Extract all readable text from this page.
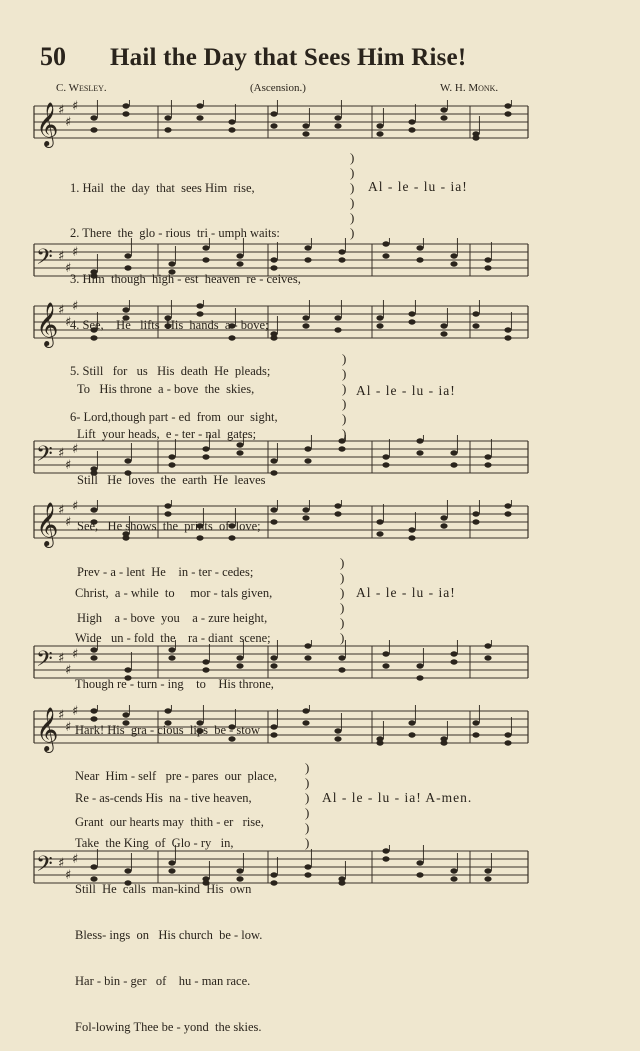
50 Hail the Day that Sees Him Rise!
C. Wesley.	(Ascension.)	W. H. Monk.
𝄞 ♯
♯
♯
𝄢 ♯
♯
♯
𝄞 ♯
♯
♯
𝄢 ♯
♯
♯
𝄞 ♯
♯
♯
𝄢 ♯
♯
♯
𝄞 ♯
♯
♯
𝄢 ♯
♯
♯

1. Hail  the  day  that  sees Him  rise,

2. There  the  glo - rious  tri - umph waits:

3. Him  though  high - est  heaven  re - ceives,

4. See,    He   lifts  His  hands  a - bove;

5. Still   for   us   His  death  He  pleads;

6- Lord,though part - ed  from  our  sight,

)
)
)
)
)
)
Al - le - lu - ia!

To   His throne  a - bove  the  skies,

Lift  your heads,  e - ter - nal  gates;

Still   He  loves  the  earth  He  leaves

See,   He shows  the  prints  of  love;

Prev - a - lent  He    in - ter - cedes;

High    a - bove  you    a - zure height,

)
)
)
)
)
)
Al - le - lu - ia!

Christ,  a - while  to     mor - tals given,

Wide   un - fold  the    ra - diant  scene;

Though re - turn - ing    to    His throne,

Hark! His  gra - cious  lips  be - stow

Near  Him - self   pre - pares  our  place,

Grant  our hearts may  thith - er   rise,

)
)
)
)
)
)
Al - le - lu - ia!

Re - as-cends His  na - tive heaven,

Take  the King  of  Glo - ry   in,

Still  He  calls  man-kind  His  own

Bless- ings  on   His church  be - low.

Har - bin - ger   of    hu - man race.

Fol-lowing Thee be - yond  the skies.

)
)
)
)
)
)
Al - le - lu - ia! A-men.
